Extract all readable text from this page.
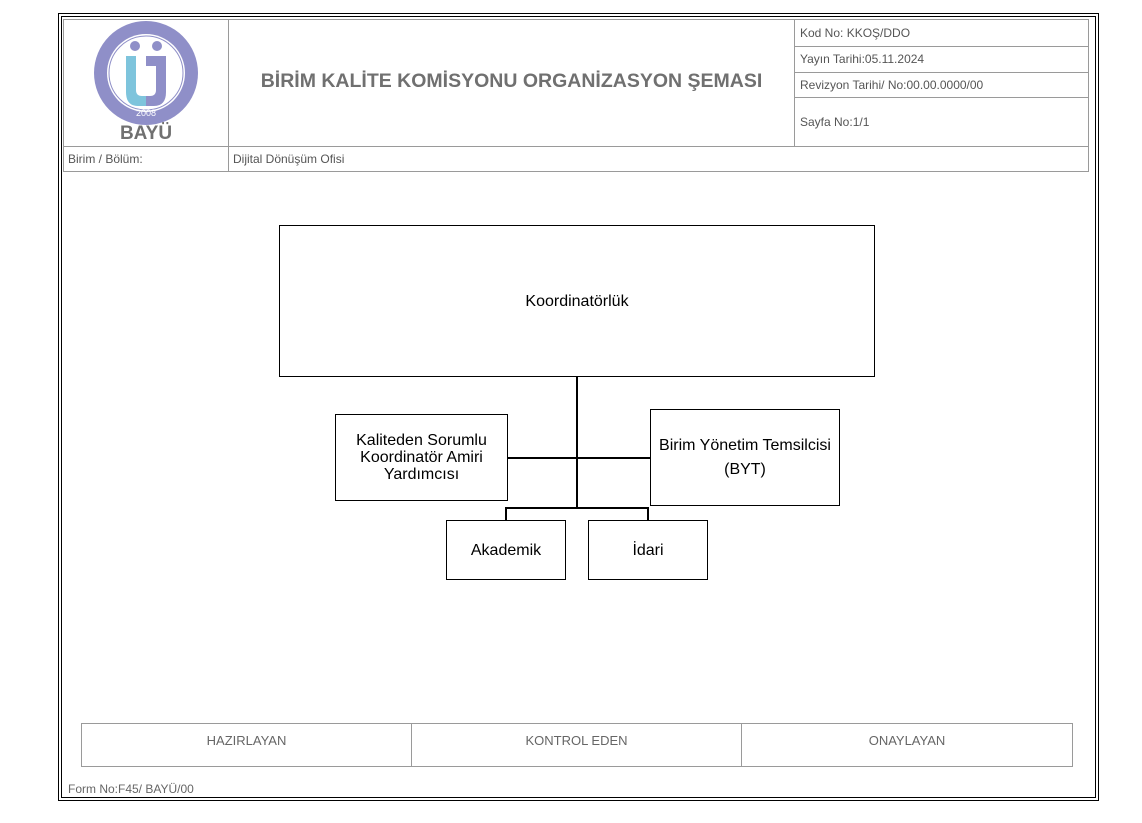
2008
BAYÜ
BİRİM KALİTE KOMİSYONU ORGANİZASYON ŞEMASI
Kod No: KKOŞ/DDO
Yayın Tarihi:05.11.2024
Revizyon Tarihi/ No:00.00.0000/00
Sayfa No:1/1
Birim / Bölüm:	Dijital Dönüşüm Ofisi
Koordinatörlük
Kaliteden Sorumlu
Koordinatör Amiri
Yardımcısı
Birim Yönetim Temsilcisi
(BYT)
Akademik	İdari
HAZIRLAYAN	KONTROL EDEN	ONAYLAYAN
Form No:F45/ BAYÜ/00
